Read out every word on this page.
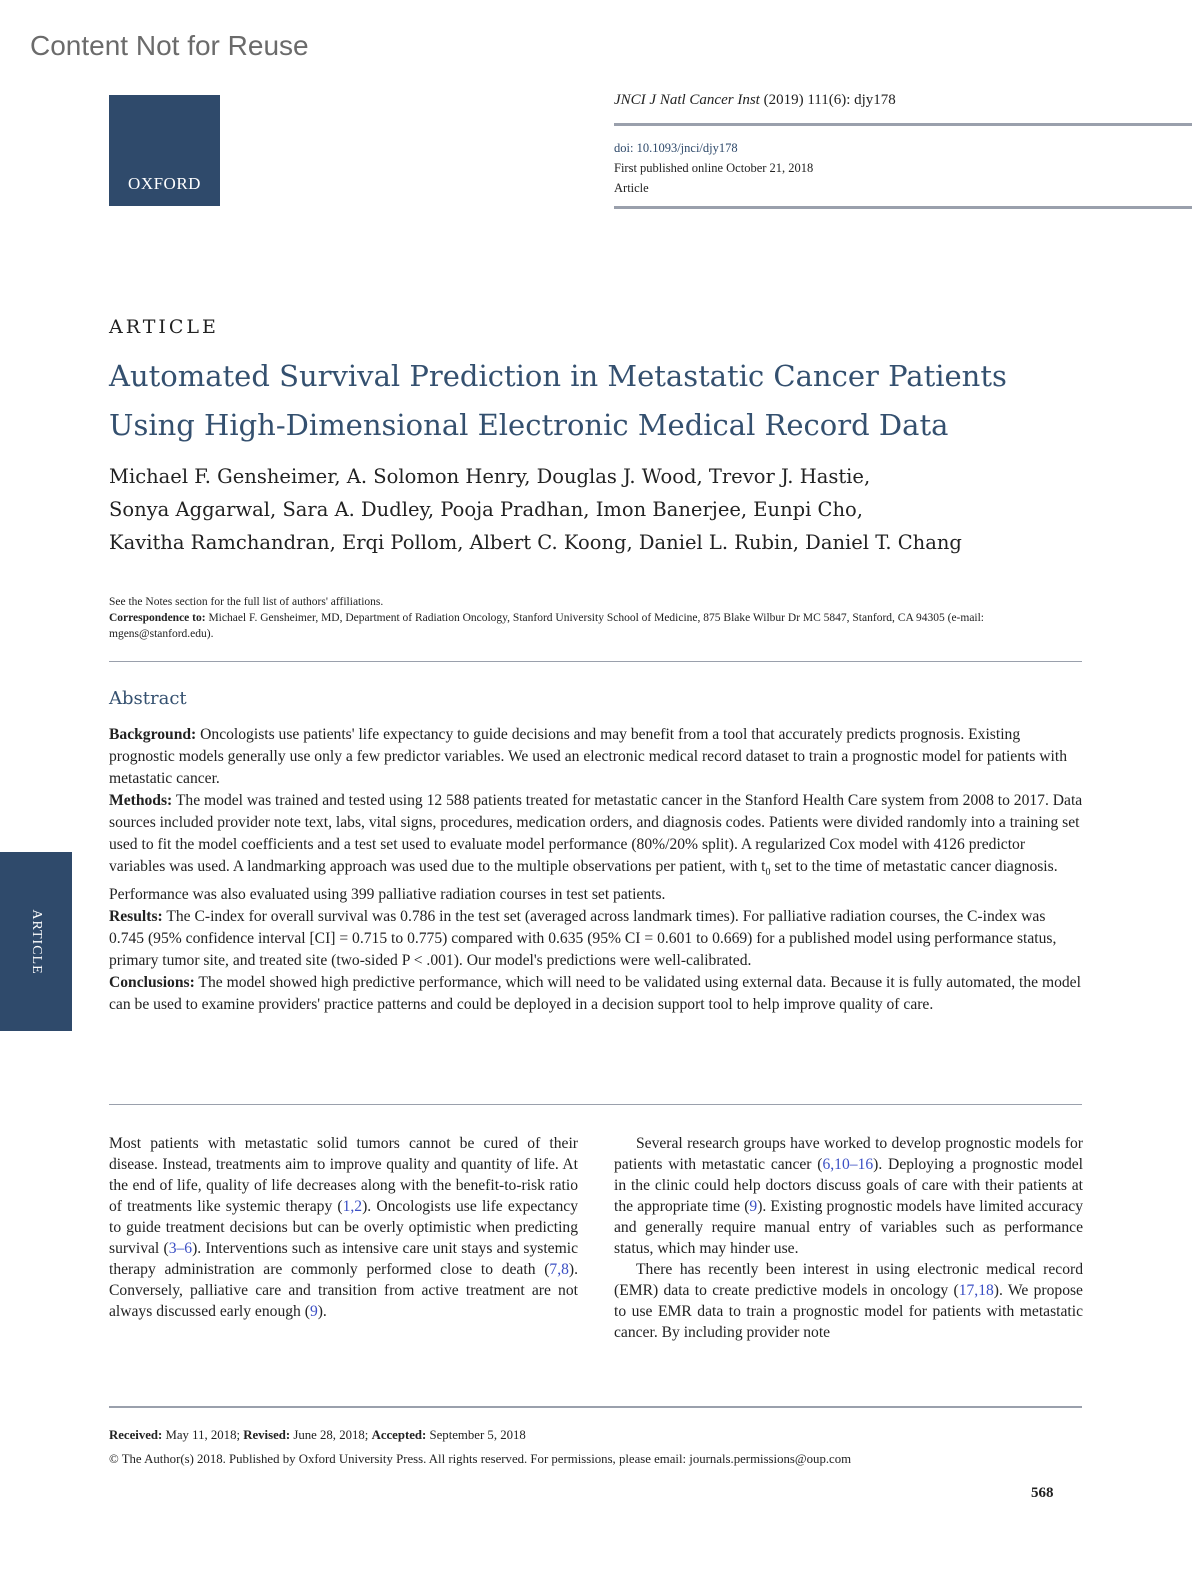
Content Not for Reuse
OXFORD
JNCI J Natl Cancer Inst (2019) 111(6): djy178
doi: 10.1093/jnci/djy178
First published online October 21, 2018
Article
ARTICLE
Automated Survival Prediction in Metastatic Cancer Patients
Using High-Dimensional Electronic Medical Record Data
Michael F. Gensheimer, A. Solomon Henry, Douglas J. Wood, Trevor J. Hastie,
Sonya Aggarwal, Sara A. Dudley, Pooja Pradhan, Imon Banerjee, Eunpi Cho,
Kavitha Ramchandran, Erqi Pollom, Albert C. Koong, Daniel L. Rubin, Daniel T. Chang
See the Notes section for the full list of authors' affiliations.
Correspondence to: Michael F. Gensheimer, MD, Department of Radiation Oncology, Stanford University School of Medicine, 875 Blake Wilbur Dr MC 5847, Stanford, CA 94305 (e-mail: mgens@stanford.edu).
Abstract

Background: Oncologists use patients' life expectancy to guide decisions and may benefit from a tool that accurately predicts prognosis. Existing prognostic models generally use only a few predictor variables. We used an electronic medical record dataset to train a prognostic model for patients with metastatic cancer.

Methods: The model was trained and tested using 12 588 patients treated for metastatic cancer in the Stanford Health Care system from 2008 to 2017. Data sources included provider note text, labs, vital signs, procedures, medication orders, and diagnosis codes. Patients were divided randomly into a training set used to fit the model coefficients and a test set used to evaluate model performance (80%/20% split). A regularized Cox model with 4126 predictor variables was used. A landmarking approach was used due to the multiple observations per patient, with $t_0$ set to the time of metastatic cancer diagnosis. Performance was also evaluated using 399 palliative radiation courses in test set patients.

Results: The C-index for overall survival was 0.786 in the test set (averaged across landmark times). For palliative radiation courses, the C-index was 0.745 (95% confidence interval [CI] = 0.715 to 0.775) compared with 0.635 (95% CI = 0.601 to 0.669) for a published model using performance status, primary tumor site, and treated site (two-sided P < .001). Our model's predictions were well-calibrated.

Conclusions: The model showed high predictive performance, which will need to be validated using external data. Because it is fully automated, the model can be used to examine providers' practice patterns and could be deployed in a decision support tool to help improve quality of care.

ARTICLE

Most patients with metastatic solid tumors cannot be cured of their disease. Instead, treatments aim to improve quality and quantity of life. At the end of life, quality of life decreases along with the benefit-to-risk ratio of treatments like systemic therapy (1,2). Oncologists use life expectancy to guide treatment decisions but can be overly optimistic when predicting survival (3–6). Interventions such as intensive care unit stays and systemic therapy administration are commonly performed close to death (7,8). Conversely, palliative care and transition from active treatment are not always discussed early enough (9).

Several research groups have worked to develop prognostic models for patients with metastatic cancer (6,10–16). Deploying a prognostic model in the clinic could help doctors discuss goals of care with their patients at the appropriate time (9). Existing prognostic models have limited accuracy and generally require manual entry of variables such as performance status, which may hinder use.

There has recently been interest in using electronic medical record (EMR) data to create predictive models in oncology (17,18). We propose to use EMR data to train a prognostic model for patients with metastatic cancer. By including provider note

Received: May 11, 2018; Revised: June 28, 2018; Accepted: September 5, 2018
© The Author(s) 2018. Published by Oxford University Press. All rights reserved. For permissions, please email: journals.permissions@oup.com
568
